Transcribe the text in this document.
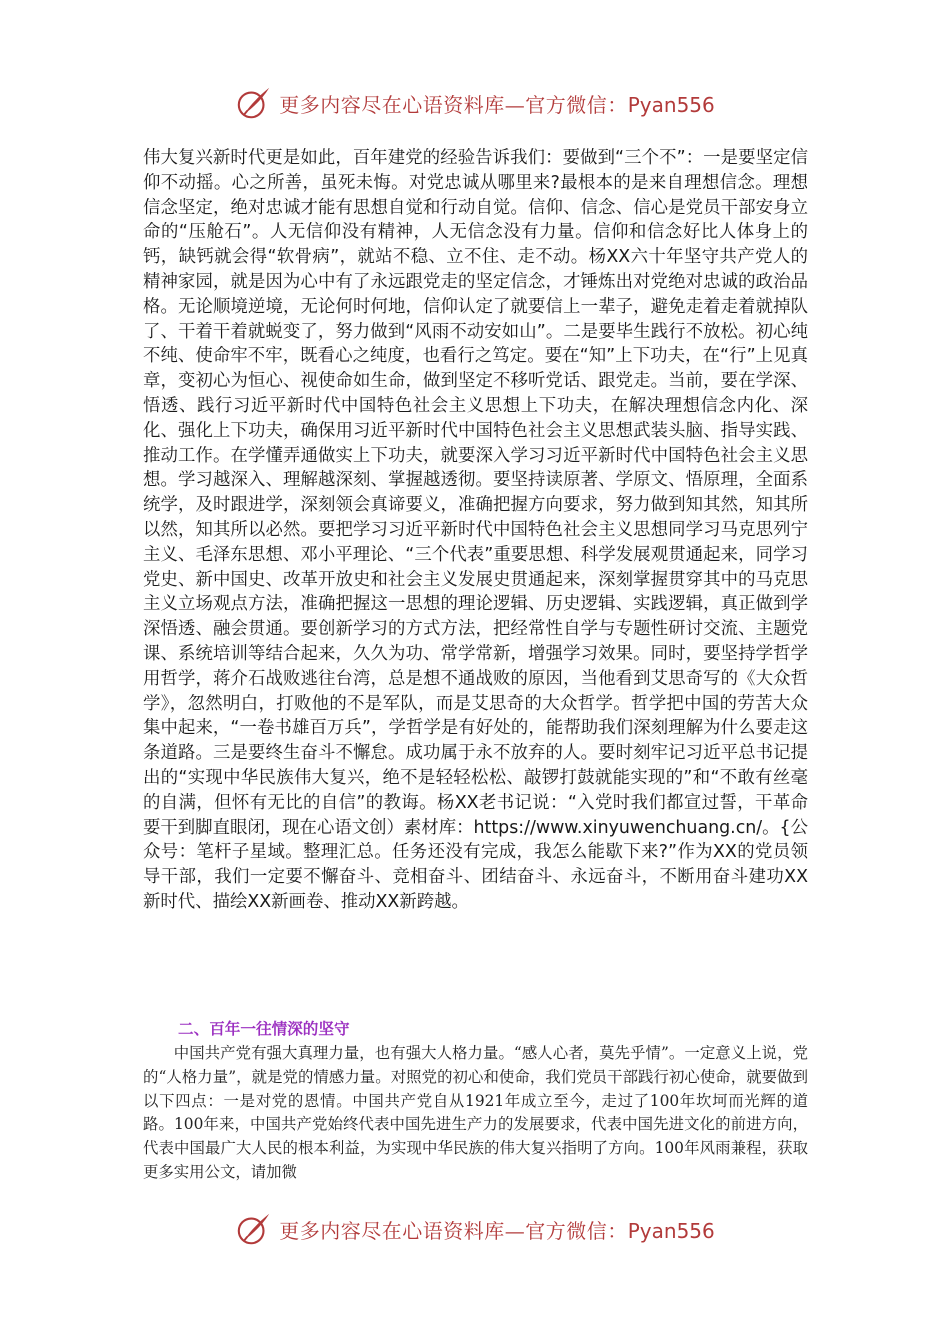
更多内容尽在心语资料库—官方微信：Pyan556

伟大复兴新时代更是如此，百年建党的经验告诉我们：要做到“三个不”：一是要坚定信仰不动摇。心之所善，虽死未悔。对党忠诚从哪里来?最根本的是来自理想信念。理想信念坚定，绝对忠诚才能有思想自觉和行动自觉。信仰、信念、信心是党员干部安身立命的“压舱石”。人无信仰没有精神，人无信念没有力量。信仰和信念好比人体身上的钙，缺钙就会得“软骨病”，就站不稳、立不住、走不动。杨XX六十年坚守共产党人的精神家园，就是因为心中有了永远跟党走的坚定信念，才锤炼出对党绝对忠诚的政治品格。无论顺境逆境，无论何时何地，信仰认定了就要信上一辈子，避免走着走着就掉队了、干着干着就蜕变了，努力做到“风雨不动安如山”。二是要毕生践行不放松。初心纯不纯、使命牢不牢，既看心之纯度，也看行之笃定。要在“知”上下功夫，在“行”上见真章，变初心为恒心、视使命如生命，做到坚定不移听党话、跟党走。当前，要在学深、悟透、践行习近平新时代中国特色社会主义思想上下功夫，在解决理想信念内化、深化、强化上下功夫，确保用习近平新时代中国特色社会主义思想武装头脑、指导实践、推动工作。在学懂弄通做实上下功夫，就要深入学习习近平新时代中国特色社会主义思想。学习越深入、理解越深刻、掌握越透彻。要坚持读原著、学原文、悟原理，全面系统学，及时跟进学，深刻领会真谛要义，准确把握方向要求，努力做到知其然，知其所以然，知其所以必然。要把学习习近平新时代中国特色社会主义思想同学习马克思列宁主义、毛泽东思想、邓小平理论、“三个代表”重要思想、科学发展观贯通起来，同学习党史、新中国史、改革开放史和社会主义发展史贯通起来，深刻掌握贯穿其中的马克思主义立场观点方法，准确把握这一思想的理论逻辑、历史逻辑、实践逻辑，真正做到学深悟透、融会贯通。要创新学习的方式方法，把经常性自学与专题性研讨交流、主题党课、系统培训等结合起来，久久为功、常学常新，增强学习效果。同时，要坚持学哲学用哲学，蒋介石战败逃往台湾，总是想不通战败的原因，当他看到艾思奇写的《大众哲学》，忽然明白，打败他的不是军队，而是艾思奇的大众哲学。哲学把中国的劳苦大众集中起来，“一卷书雄百万兵”，学哲学是有好处的，能帮助我们深刻理解为什么要走这条道路。三是要终生奋斗不懈怠。成功属于永不放弃的人。要时刻牢记习近平总书记提出的“实现中华民族伟大复兴，绝不是轻轻松松、敲锣打鼓就能实现的”和“不敢有丝毫的自满，但怀有无比的自信”的教诲。杨XX老书记说：“入党时我们都宣过誓，干革命要干到脚直眼闭，现在心语文创）素材库：https://www.xinyuwenchuang.cn/。{公众号：笔杆子星域。整理汇总。任务还没有完成，我怎么能歇下来?”作为XX的党员领导干部，我们一定要不懈奋斗、竞相奋斗、团结奋斗、永远奋斗，不断用奋斗建功XX新时代、描绘XX新画卷、推动XX新跨越。

二、百年一往情深的坚守

中国共产党有强大真理力量，也有强大人格力量。“感人心者，莫先乎情”。一定意义上说，党的“人格力量”，就是党的情感力量。对照党的初心和使命，我们党员干部践行初心使命，就要做到以下四点：一是对党的恩情。中国共产党自从1921年成立至今，走过了100年坎坷而光辉的道路。100年来，中国共产党始终代表中国先进生产力的发展要求，代表中国先进文化的前进方向，代表中国最广大人民的根本利益，为实现中华民族的伟大复兴指明了方向。100年风雨兼程，获取更多实用公文，请加微

更多内容尽在心语资料库—官方微信：Pyan556
